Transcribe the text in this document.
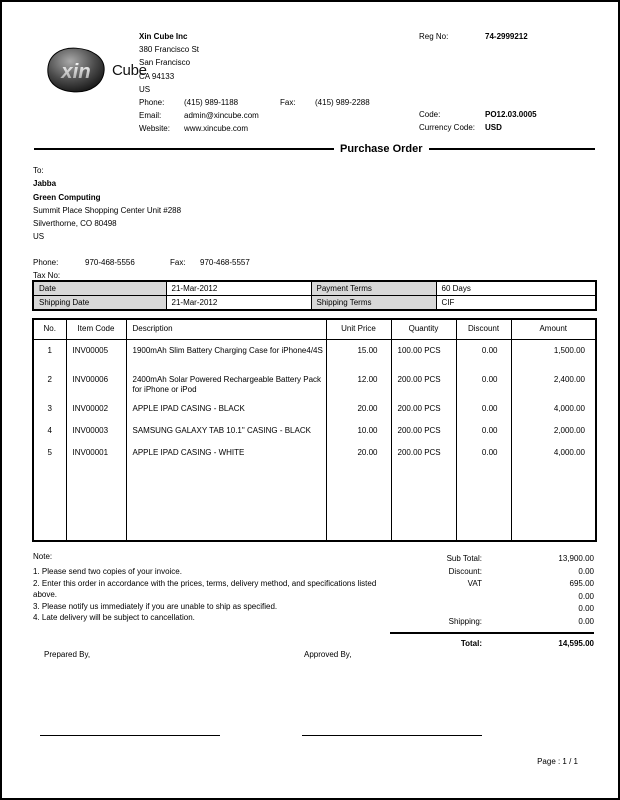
xin Cube
Xin Cube Inc
380 Francisco St
San Francisco
CA 94133
US
Phone: (415) 989-1188	Fax: (415) 989-2288
Email:	admin@xincube.com
Website: www.xincube.com
Reg No:	74-2999212
Code:	PO12.03.0005
Currency Code: USD
Purchase Order
To:
Jabba
Green Computing
Summit Place Shopping Center Unit #288
Silverthorne, CO 80498
US
Phone:	970-468-5556	Fax: 970-468-5557
Tax No:
Date	21-Mar-2012	Payment Terms	60 Days
Shipping Date	21-Mar-2012	Shipping Terms	CIF
No.	Item Code	Description	Unit Price	Quantity	Discount	Amount
1	INV00005	1900mAh Slim Battery Charging Case for iPhone4/4S	15.00	100.00 PCS	0.00	1,500.00
2	INV00006	2400mAh Solar Powered Rechargeable Battery Pack for iPhone or iPod	12.00	200.00 PCS	0.00	2,400.00
3	INV00002	APPLE IPAD CASING - BLACK	20.00	200.00 PCS	0.00	4,000.00
4	INV00003	SAMSUNG GALAXY TAB 10.1" CASING - BLACK	10.00	200.00 PCS	0.00	2,000.00
5	INV00001	APPLE IPAD CASING - WHITE	20.00	200.00 PCS	0.00	4,000.00

Note:
1. Please send two copies of your invoice.
2. Enter this order in accordance with the prices, terms, delivery method, and specifications listed above.
3. Please notify us immediately if you are unable to ship as specified.
4. Late delivery will be subject to cancellation.
Sub Total:	13,900.00
Discount:	0.00
VAT	695.00
0.00
0.00
Shipping:	0.00
Total:	14,595.00
Prepared By,	Approved By,
Page : 1 / 1
